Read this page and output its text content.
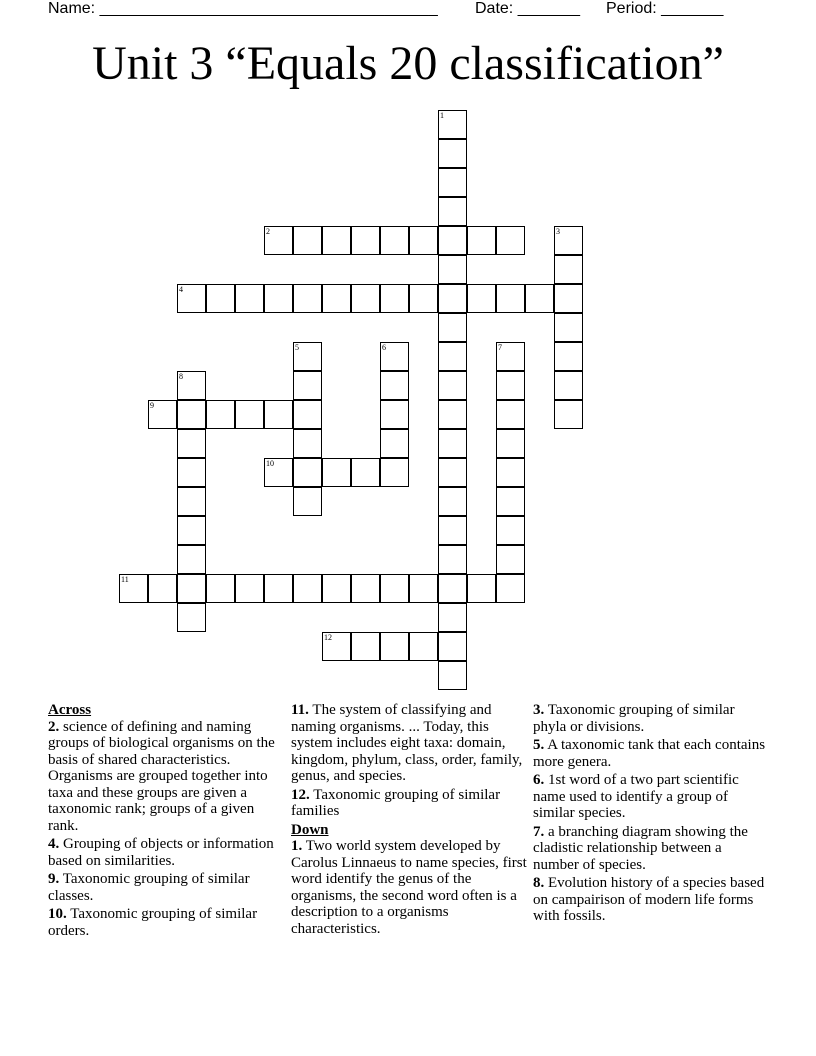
Name: ______________________________________ Date: _______ Period: _______
Unit 3 “Equals 20 classification”
2
4
9
10
11
12
1
3
5	6	7
8
Across
2. science of defining and naming groups of biological organisms on the basis of shared characteristics. Organisms are grouped together into taxa and these groups are given a taxonomic rank; groups of a given rank.
4. Grouping of objects or information based on similarities.
9. Taxonomic grouping of similar classes.
10. Taxonomic grouping of similar orders.
11. The system of classifying and naming organisms. ... Today, this system includes eight taxa: domain, kingdom, phylum, class, order, family, genus, and species.
12. Taxonomic grouping of similar families
Down
1. Two world system developed by Carolus Linnaeus to name species, first word identify the genus of the organisms, the second word often is a description to a organisms characteristics.
3. Taxonomic grouping of similar phyla or divisions.
5. A taxonomic tank that each contains more genera.
6. 1st word of a two part scientific name used to identify a group of similar species.
7. a branching diagram showing the cladistic relationship between a number of species.
8. Evolution history of a species based on campairison of modern life forms with fossils.
